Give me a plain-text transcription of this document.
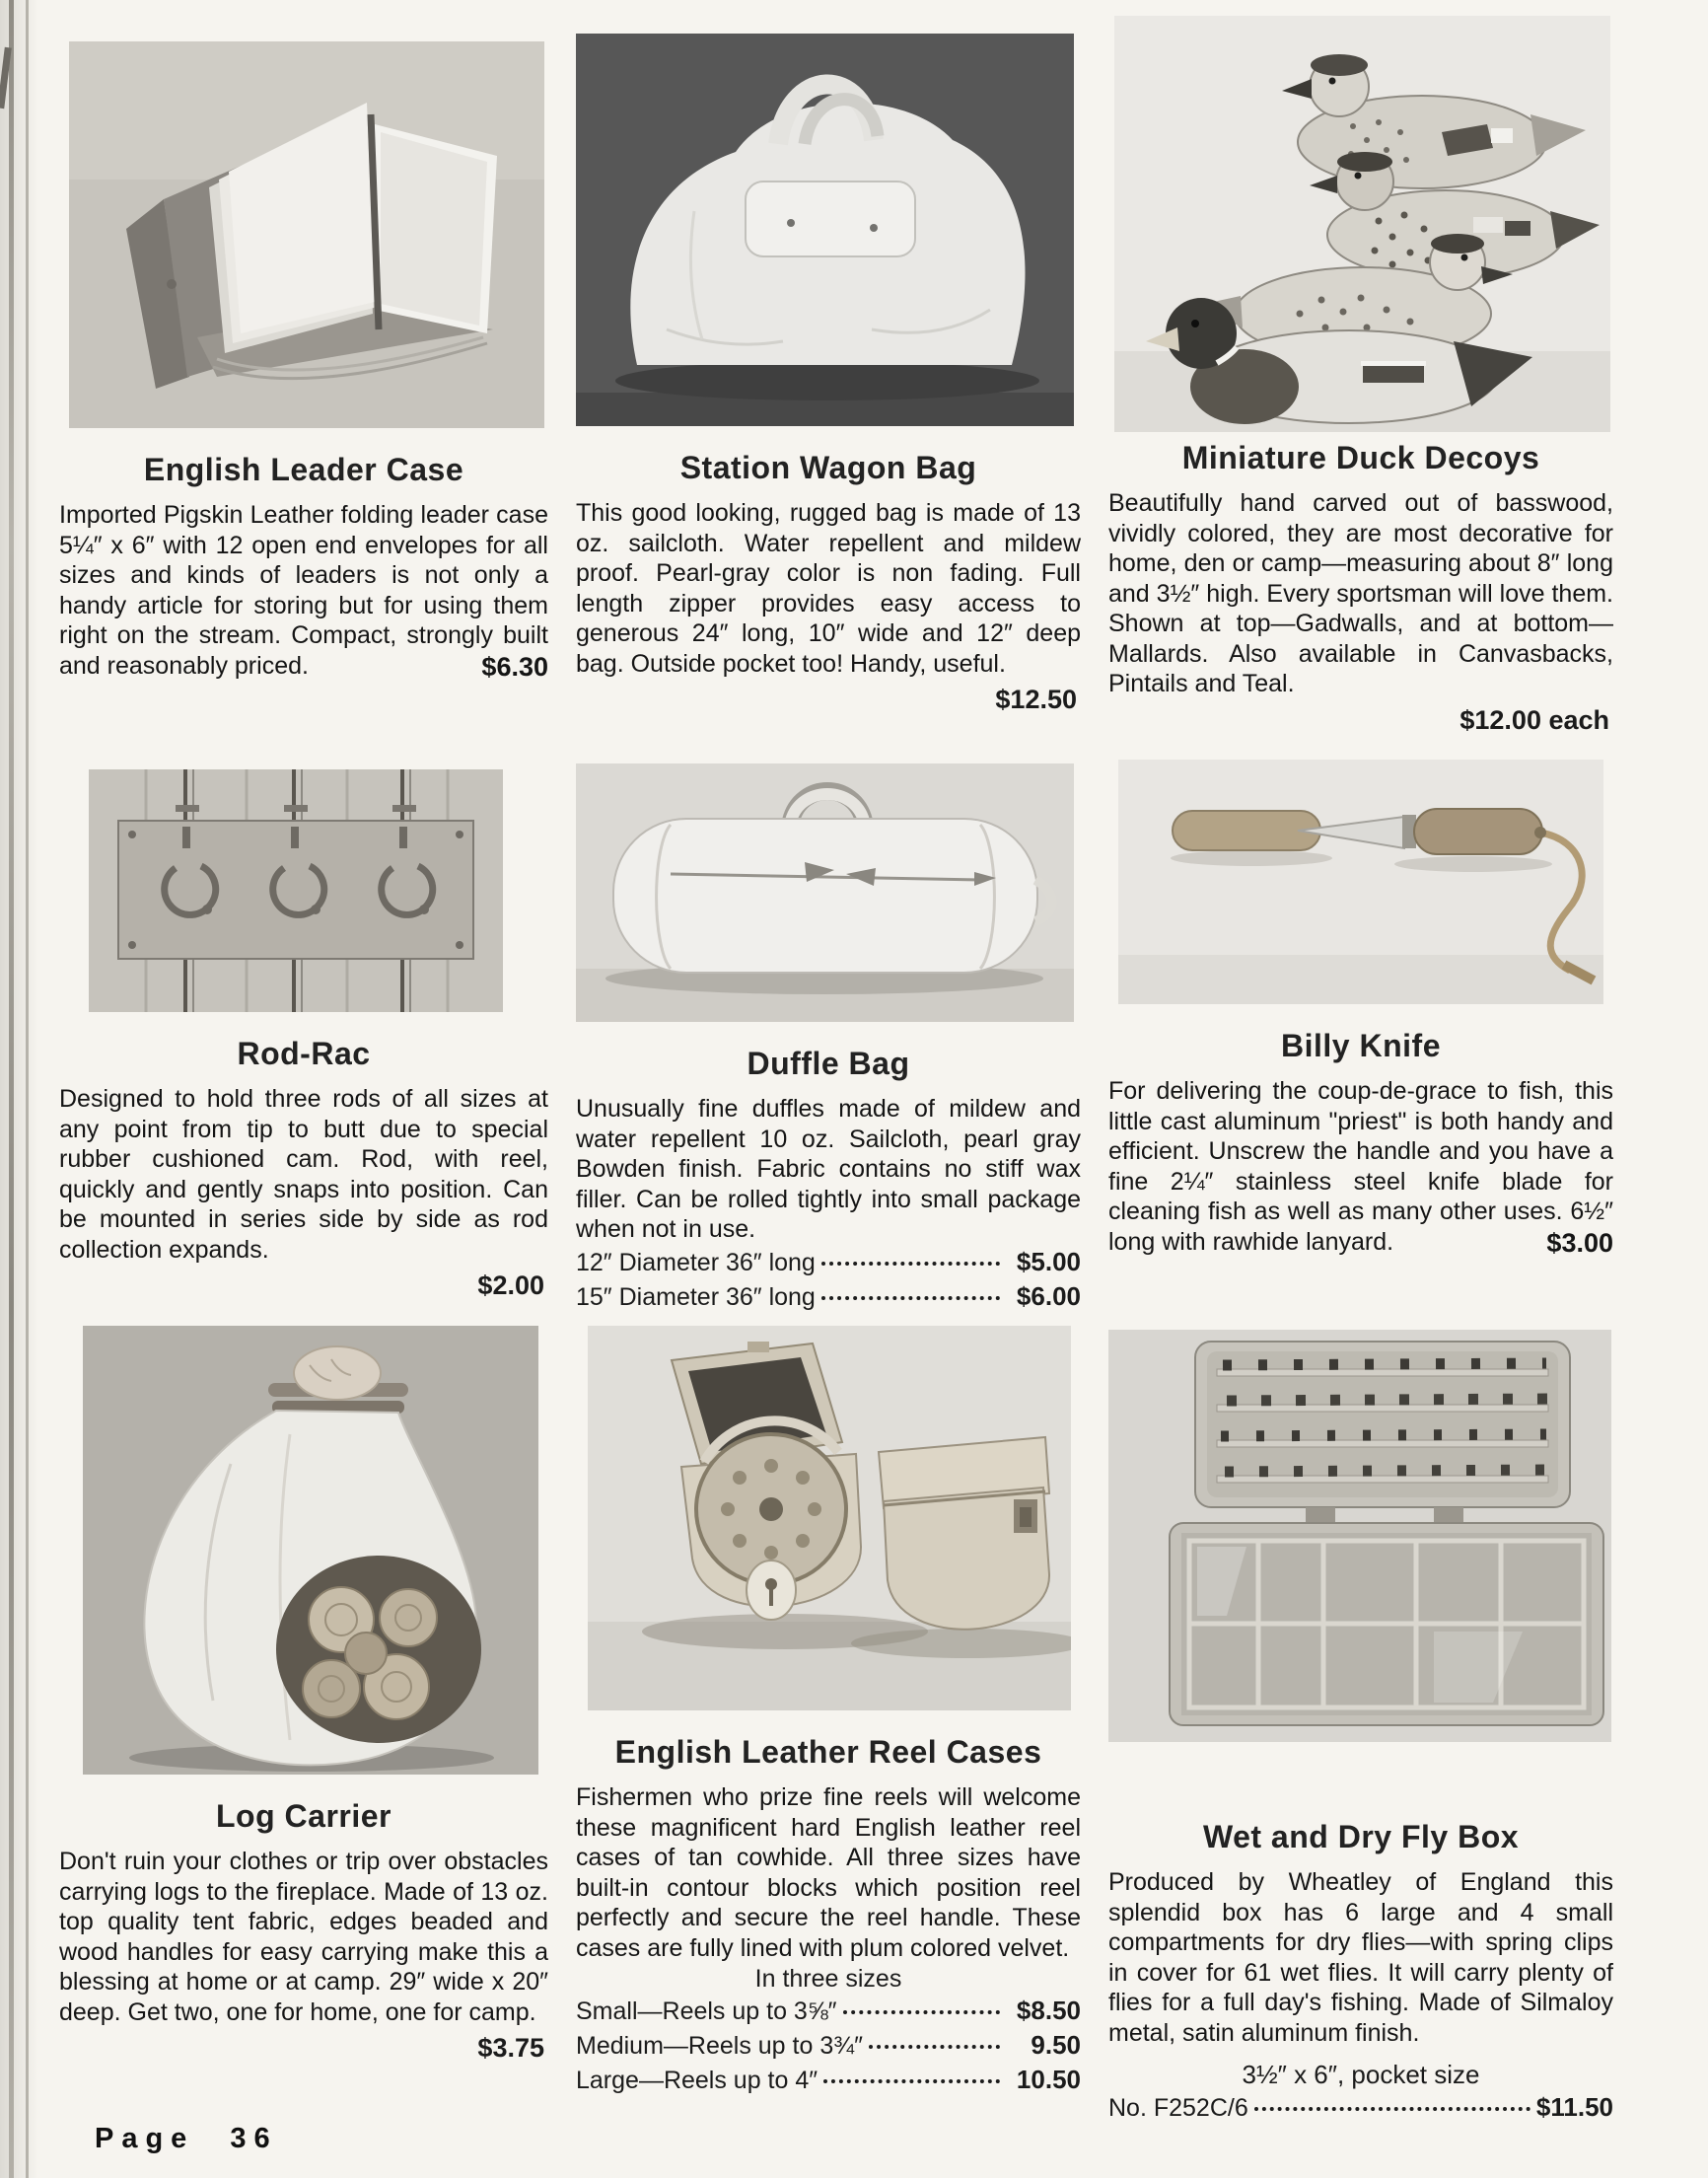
English Leader Case

Imported Pigskin Leather folding leader case 5¼″ x 6″ with 12 open end envelopes for all sizes and kinds of leaders is not only a handy article for storing but for using them right on the stream. Compact, strongly built and reasonably priced.	$6.30

Station Wagon Bag

This good looking, rugged bag is made of 13 oz. sailcloth. Water repellent and mildew proof. Pearl-gray color is non fading. Full length zipper provides easy access to generous 24″ long, 10″ wide and 12″ deep bag. Outside pocket too! Handy, useful.

$12.50
Miniature Duck Decoys

Beautifully hand carved out of basswood, vividly colored, they are most decorative for home, den or camp—measuring about 8″ long and 3½″ high. Every sportsman will love them. Shown at top—Gadwalls, and at bottom—Mallards. Also available in Canvasbacks, Pintails and Teal.

$12.00 each
Rod-Rac

Designed to hold three rods of all sizes at any point from tip to butt due to special rubber cushioned cam. Rod, with reel, quickly and gently snaps into position. Can be mounted in series side by side as rod collection expands.

$2.00
Duffle Bag

Unusually fine duffles made of mildew and water repellent 10 oz. Sailcloth, pearl gray Bowden finish. Fabric contains no stiff wax filler. Can be rolled tightly into small package when not in use.

12″ Diameter 36″ long	$5.00
15″ Diameter 36″ long	$6.00
Billy Knife

For delivering the coup-de-grace to fish, this little cast aluminum "priest" is both handy and efficient. Unscrew the handle and you have a fine 2¼″ stainless steel knife blade for cleaning fish as well as many other uses. 6½″ long with rawhide lanyard.	$3.00

Log Carrier

Don't ruin your clothes or trip over obstacles carrying logs to the fireplace. Made of 13 oz. top quality tent fabric, edges beaded and wood handles for easy carrying make this a blessing at home or at camp. 29″ wide x 20″ deep. Get two, one for home, one for camp.

$3.75
English Leather Reel Cases

Fishermen who prize fine reels will welcome these magnificent hard English leather reel cases of tan cowhide. All three sizes have built-in contour blocks which position reel perfectly and secure the reel handle. These cases are fully lined with plum colored velvet.

In three sizes
Small—Reels up to 3⅝″	$8.50
Medium—Reels up to 3¾″	9.50
Large—Reels up to 4″	10.50
Wet and Dry Fly Box

Produced by Wheatley of England this splendid box has 6 large and 4 small compartments for dry flies—with spring clips in cover for 61 wet flies. It will carry plenty of flies for a full day's fishing. Made of Silmaloy metal, satin aluminum finish.

3½″ x 6″, pocket size
No. F252C/6	$11.50
Page 36
